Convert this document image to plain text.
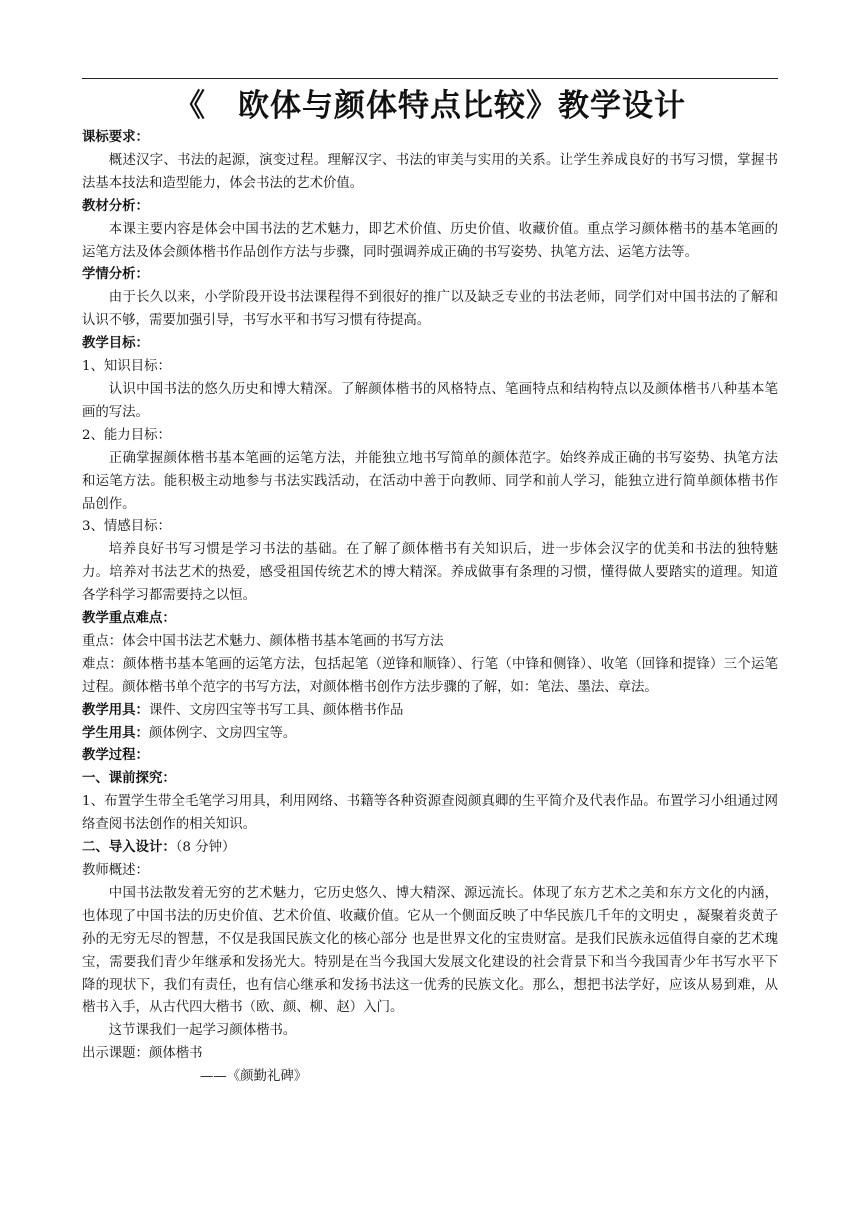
《　欧体与颜体特点比较》教学设计

课标要求：

概述汉字、书法的起源，演变过程。理解汉字、书法的审美与实用的关系。让学生养成良好的书写习惯，掌握书法基本技法和造型能力，体会书法的艺术价值。

教材分析：

本课主要内容是体会中国书法的艺术魅力，即艺术价值、历史价值、收藏价值。重点学习颜体楷书的基本笔画的运笔方法及体会颜体楷书作品创作方法与步骤，同时强调养成正确的书写姿势、执笔方法、运笔方法等。

学情分析：

由于长久以来，小学阶段开设书法课程得不到很好的推广以及缺乏专业的书法老师，同学们对中国书法的了解和认识不够，需要加强引导，书写水平和书写习惯有待提高。

教学目标：

1、知识目标：

认识中国书法的悠久历史和博大精深。了解颜体楷书的风格特点、笔画特点和结构特点以及颜体楷书八种基本笔画的写法。

2、能力目标：

正确掌握颜体楷书基本笔画的运笔方法，并能独立地书写简单的颜体范字。始终养成正确的书写姿势、执笔方法和运笔方法。能积极主动地参与书法实践活动，在活动中善于向教师、同学和前人学习，能独立进行简单颜体楷书作品创作。

3、情感目标：

培养良好书写习惯是学习书法的基础。在了解了颜体楷书有关知识后，进一步体会汉字的优美和书法的独特魅力。培养对书法艺术的热爱，感受祖国传统艺术的博大精深。养成做事有条理的习惯，懂得做人要踏实的道理。知道各学科学习都需要持之以恒。

教学重点难点：

重点：体会中国书法艺术魅力、颜体楷书基本笔画的书写方法

难点：颜体楷书基本笔画的运笔方法，包括起笔（逆锋和顺锋）、行笔（中锋和侧锋）、收笔（回锋和提锋）三个运笔过程。颜体楷书单个范字的书写方法，对颜体楷书创作方法步骤的了解，如：笔法、墨法、章法。

教学用具：课件、文房四宝等书写工具、颜体楷书作品

学生用具：颜体例字、文房四宝等。

教学过程：

一、课前探究：

1、布置学生带全毛笔学习用具，利用网络、书籍等各种资源查阅颜真卿的生平简介及代表作品。布置学习小组通过网络查阅书法创作的相关知识。

二、导入设计：（8 分钟）

教师概述：

中国书法散发着无穷的艺术魅力，它历史悠久、博大精深、源远流长。体现了东方艺术之美和东方文化的内涵，也体现了中国书法的历史价值、艺术价值、收藏价值。它从一个侧面反映了中华民族几千年的文明史 ，凝聚着炎黄子孙的无穷无尽的智慧，不仅是我国民族文化的核心部分 也是世界文化的宝贵财富。是我们民族永远值得自豪的艺术瑰宝，需要我们青少年继承和发扬光大。特别是在当今我国大发展文化建设的社会背景下和当今我国青少年书写水平下降的现状下，我们有责任，也有信心继承和发扬书法这一优秀的民族文化。那么，想把书法学好，应该从易到难，从楷书入手，从古代四大楷书（欧、颜、柳、赵）入门。

这节课我们一起学习颜体楷书。

出示课题：颜体楷书

——《颜勤礼碑》
